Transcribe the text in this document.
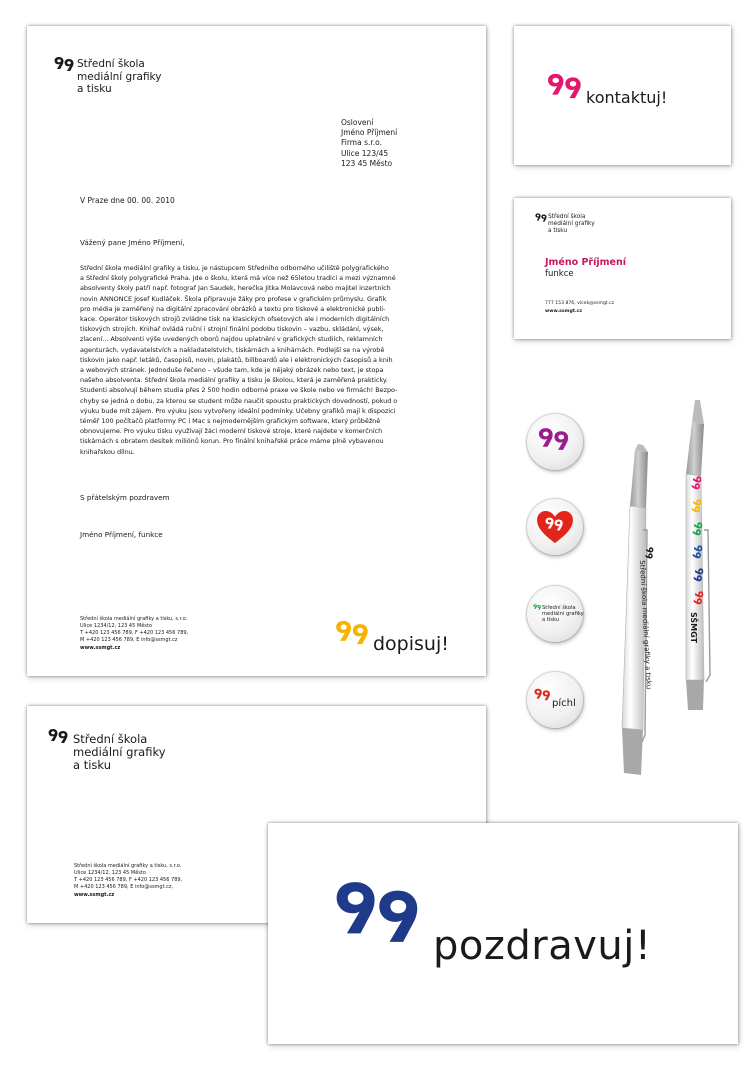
Střední škola
mediální grafiky
a tisku
Oslovení
Jméno Příjmení
Firma s.r.o.
Ulice 123/45
123 45 Město
V Praze dne 00. 00. 2010
Vážený pane Jméno Příjmení,
Střední škola mediální grafiky a tisku, je nástupcem Středního odborného učiliště polygrafického
a Střední školy polygrafické Praha. Jde o školu, která má více než 65letou tradici a mezi významné
absolventy školy patří např. fotograf Jan Saudek, herečka Jitka Molavcová nebo majitel inzertních
novin ANNONCE Josef Kudláček. Škola připravuje žáky pro profese v grafickém průmyslu. Grafik
pro média je zaměřený na digitální zpracování obrázků a textu pro tiskové a elektronické publi-
kace. Operátor tiskových strojů zvládne tisk na klasických ofsetových ale i moderních digitálních
tiskových strojích. Knihař ovládá ruční i strojní finální podobu tiskovin – vazbu, skládání, výsek,
zlacení... Absolventi výše uvedených oborů najdou uplatnění v grafických studiích, reklamních
agenturách, vydavatelstvích a nakladatelstvích, tiskárnách a knihárnách. Podlejší se na výrobě
tiskovin jako např. letáků, časopisů, novin, plakátů, billboardů ale i elektronických časopisů a knih
a webových stránek. Jednoduše řečeno – všude tam, kde je nějaký obrázek nebo text, je stopa
našeho absolventa. Střední škola mediální grafiky a tisku je školou, která je zaměřená prakticky.
Studenti absolvují během studia přes 2 500 hodin odborné praxe ve škole nebo ve firmách! Bezpo-
chyby se jedná o dobu, za kterou se student může naučit spoustu praktických dovedností, pokud o
výuku bude mít zájem. Pro výuku jsou vytvořeny ideální podmínky. Učebny grafiků mají k dispozici
téměř 100 počítačů platformy PC i Mac s nejmodernějším grafickým software, který průběžně
obnovujeme. Pro výuku tisku využívají žáci moderní tiskové stroje, které najdete v komerčních
tiskárnách s obratem desítek miliónů korun. Pro finální knihařské práce máme plně vybavenou
knihařskou dílnu.
S přátelským pozdravem
Jméno Příjmení, funkce
Střední škola mediální grafiky a tisku, s.r.o.
Ulice 1234/12, 123 45 Město
T +420 123 456 789, F +420 123 456 789,
M +420 123 456 789, E info@ssmgt.cz
www.ssmgt.cz	dopisuj!
Střední škola
mediální grafiky
a tisku
Střední škola mediální grafiky a tisku, s.r.o.
Ulice 1234/12, 123 45 Město
T +420 123 456 789, F +420 123 456 789,
M +420 123 456 789, E info@ssmgt.cz,
www.ssmgt.cz
kontaktuj!
Střední škola
mediální grafiky
a tisku
Jméno Příjmení
funkce
777 153 876, vlcek@ssmgt.cz
www.ssmgt.cz
Střední škola
mediální grafiky
a tisku
píchl
Střední škola mediální grafiky a tisku	SŠMGT
pozdravuj!
